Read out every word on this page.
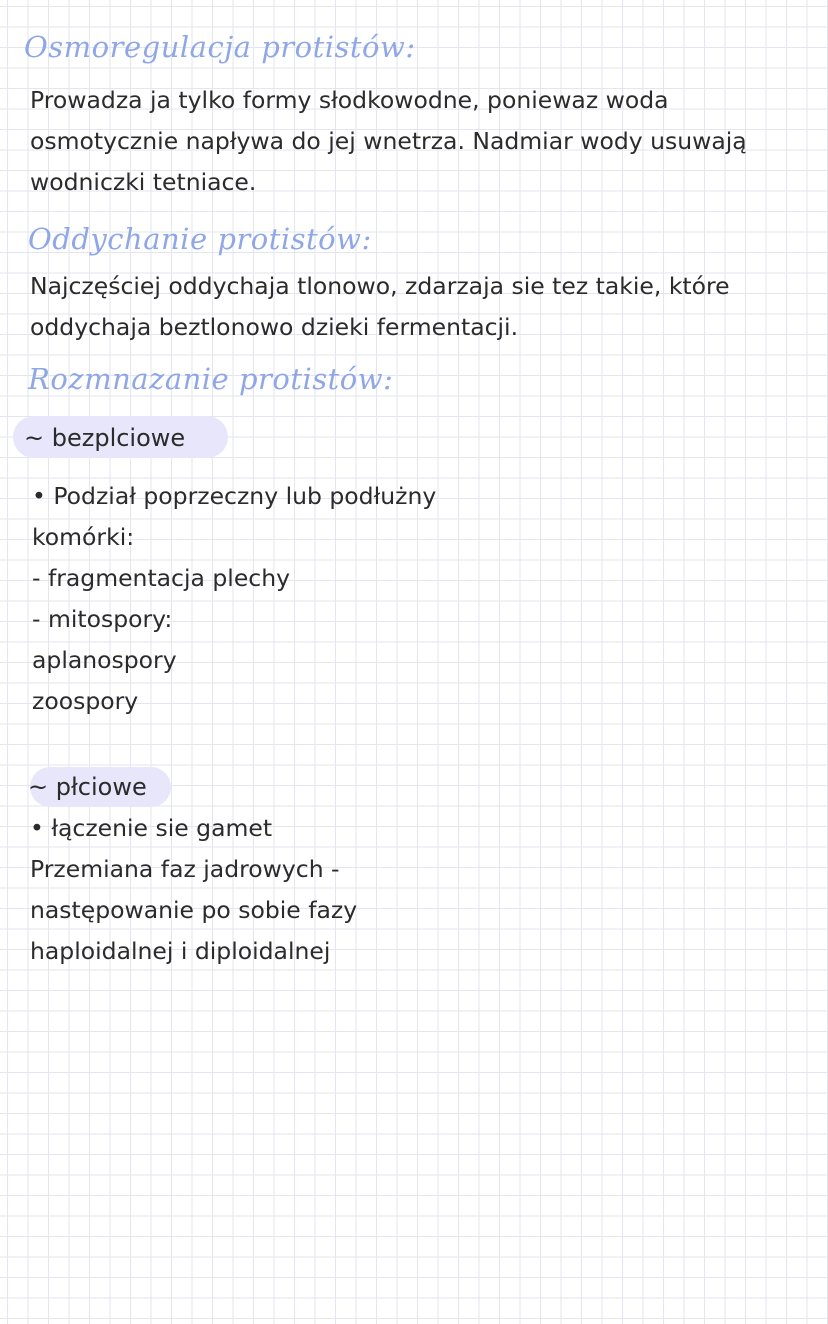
Osmoregulacja protistów:
Prowadza ja tylko formy słodkowodne, poniewaz woda
osmotycznie napływa do jej wnetrza. Nadmiar wody usuwają
wodniczki tetniace.
Oddychanie protistów:
Najczęściej oddychaja tlonowo, zdarzaja sie tez takie, które
oddychaja beztlonowo dzieki fermentacji.
Rozmnazanie protistów:
~ bezplciowe
• Podział poprzeczny lub podłużny
komórki:
- fragmentacja plechy
- mitospory:
aplanospory
zoospory
~ płciowe
• łączenie sie gamet
Przemiana faz jadrowych -
następowanie po sobie fazy
haploidalnej i diploidalnej
